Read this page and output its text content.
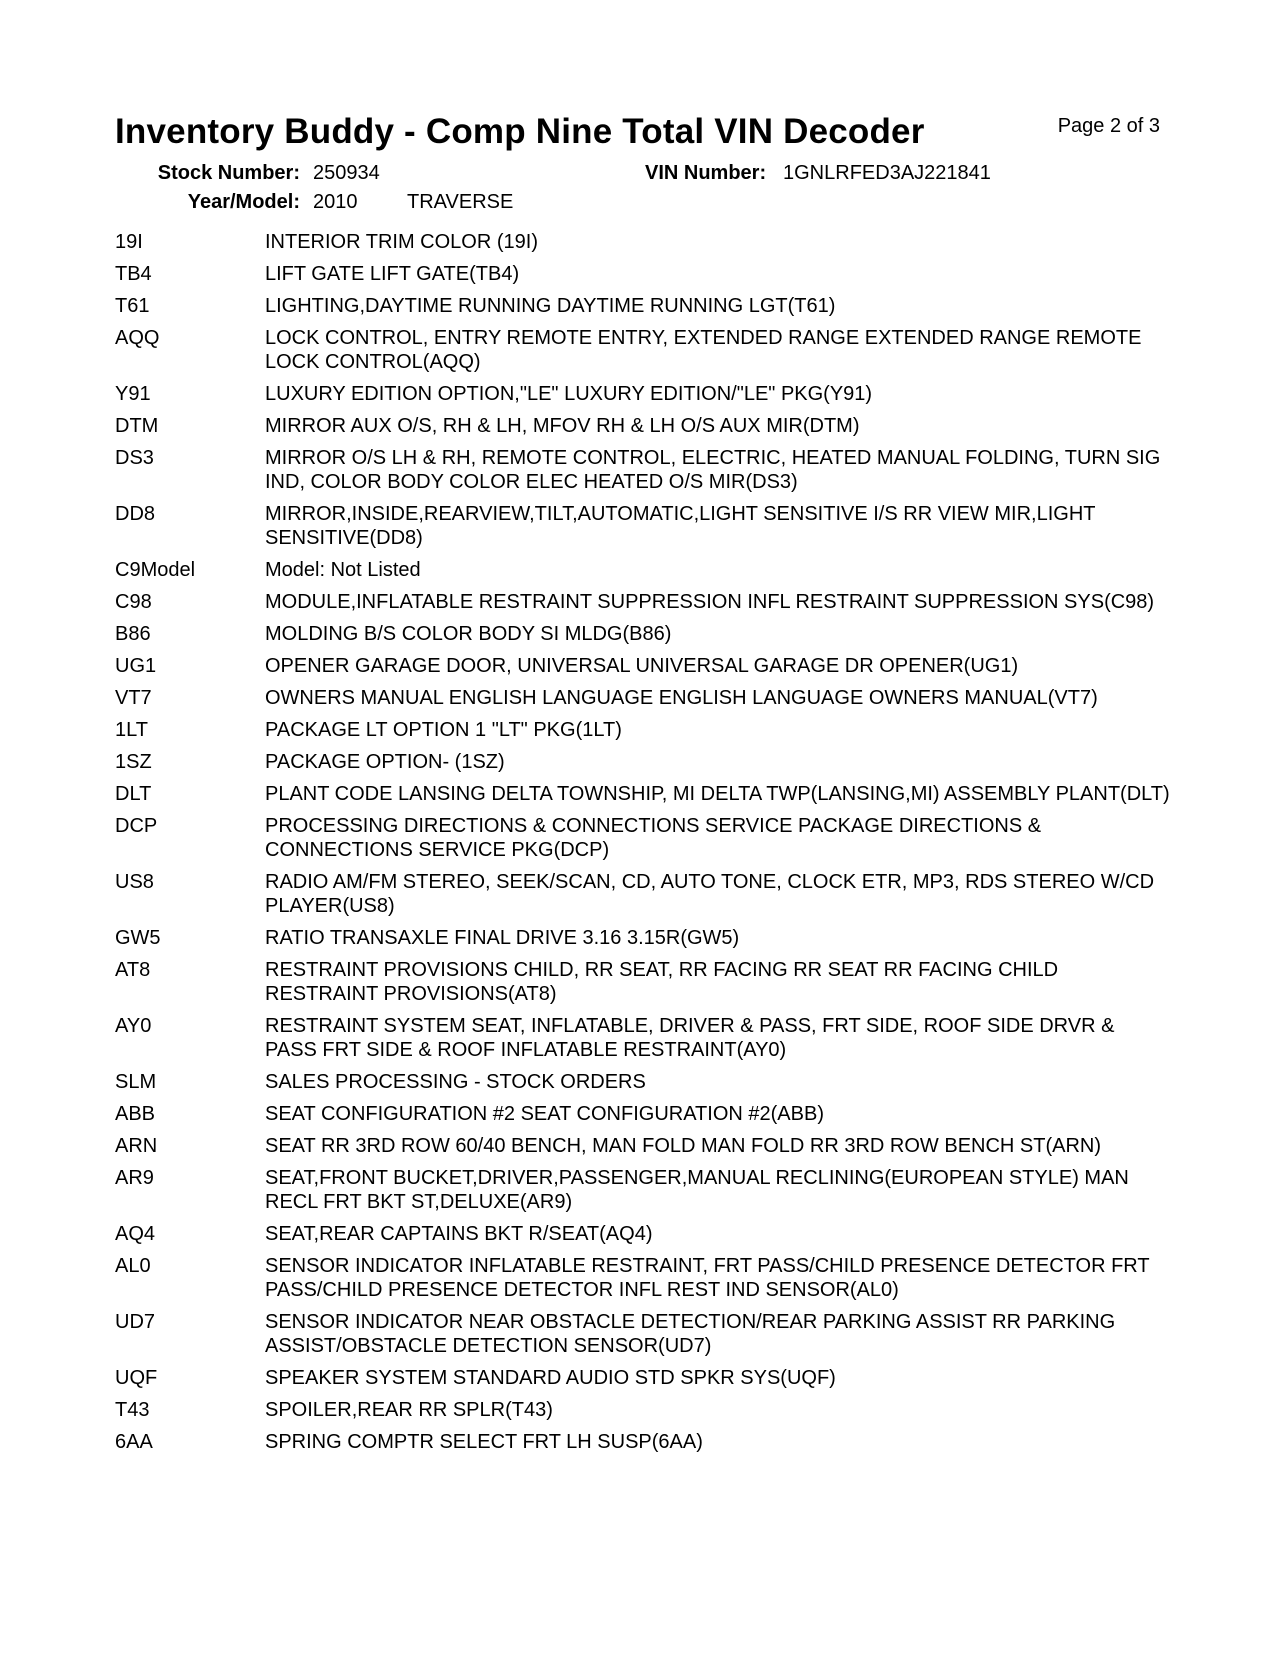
Inventory Buddy - Comp Nine Total VIN Decoder	Page 2 of 3
Stock Number: 250934	VIN Number: 1GNLRFED3AJ221841
Year/Model: 2010 TRAVERSE
19I	INTERIOR TRIM COLOR (19I)
TB4	LIFT GATE LIFT GATE(TB4)
T61	LIGHTING,DAYTIME RUNNING DAYTIME RUNNING LGT(T61)
AQQ	LOCK CONTROL, ENTRY REMOTE ENTRY, EXTENDED RANGE EXTENDED RANGE REMOTE LOCK CONTROL(AQQ)
Y91	LUXURY EDITION OPTION,"LE" LUXURY EDITION/"LE" PKG(Y91)
DTM	MIRROR AUX O/S, RH & LH, MFOV RH & LH O/S AUX MIR(DTM)
DS3	MIRROR O/S LH & RH, REMOTE CONTROL, ELECTRIC, HEATED MANUAL FOLDING, TURN SIG IND, COLOR BODY COLOR ELEC HEATED O/S MIR(DS3)
DD8	MIRROR,INSIDE,REARVIEW,TILT,AUTOMATIC,LIGHT SENSITIVE I/S RR VIEW MIR,LIGHT SENSITIVE(DD8)
C9Model	Model: Not Listed
C98	MODULE,INFLATABLE RESTRAINT SUPPRESSION INFL RESTRAINT SUPPRESSION SYS(C98)
B86	MOLDING B/S COLOR BODY SI MLDG(B86)
UG1	OPENER GARAGE DOOR, UNIVERSAL UNIVERSAL GARAGE DR OPENER(UG1)
VT7	OWNERS MANUAL ENGLISH LANGUAGE ENGLISH LANGUAGE OWNERS MANUAL(VT7)
1LT	PACKAGE LT OPTION 1 "LT" PKG(1LT)
1SZ	PACKAGE OPTION- (1SZ)
DLT	PLANT CODE LANSING DELTA TOWNSHIP, MI DELTA TWP(LANSING,MI) ASSEMBLY PLANT(DLT)
DCP	PROCESSING DIRECTIONS & CONNECTIONS SERVICE PACKAGE DIRECTIONS & CONNECTIONS SERVICE PKG(DCP)
US8	RADIO AM/FM STEREO, SEEK/SCAN, CD, AUTO TONE, CLOCK ETR, MP3, RDS STEREO W/CD PLAYER(US8)
GW5	RATIO TRANSAXLE FINAL DRIVE 3.16 3.15R(GW5)
AT8	RESTRAINT PROVISIONS CHILD, RR SEAT, RR FACING RR SEAT RR FACING CHILD RESTRAINT PROVISIONS(AT8)
AY0	RESTRAINT SYSTEM SEAT, INFLATABLE, DRIVER & PASS, FRT SIDE, ROOF SIDE DRVR & PASS FRT SIDE & ROOF INFLATABLE RESTRAINT(AY0)
SLM	SALES PROCESSING - STOCK ORDERS
ABB	SEAT CONFIGURATION #2 SEAT CONFIGURATION #2(ABB)
ARN	SEAT RR 3RD ROW 60/40 BENCH, MAN FOLD MAN FOLD RR 3RD ROW BENCH ST(ARN)
AR9	SEAT,FRONT BUCKET,DRIVER,PASSENGER,MANUAL RECLINING(EUROPEAN STYLE) MAN RECL FRT BKT ST,DELUXE(AR9)
AQ4	SEAT,REAR CAPTAINS BKT R/SEAT(AQ4)
AL0	SENSOR INDICATOR INFLATABLE RESTRAINT, FRT PASS/CHILD PRESENCE DETECTOR FRT PASS/CHILD PRESENCE DETECTOR INFL REST IND SENSOR(AL0)
UD7	SENSOR INDICATOR NEAR OBSTACLE DETECTION/REAR PARKING ASSIST RR PARKING ASSIST/OBSTACLE DETECTION SENSOR(UD7)
UQF	SPEAKER SYSTEM STANDARD AUDIO STD SPKR SYS(UQF)
T43	SPOILER,REAR RR SPLR(T43)
6AA	SPRING COMPTR SELECT FRT LH SUSP(6AA)
